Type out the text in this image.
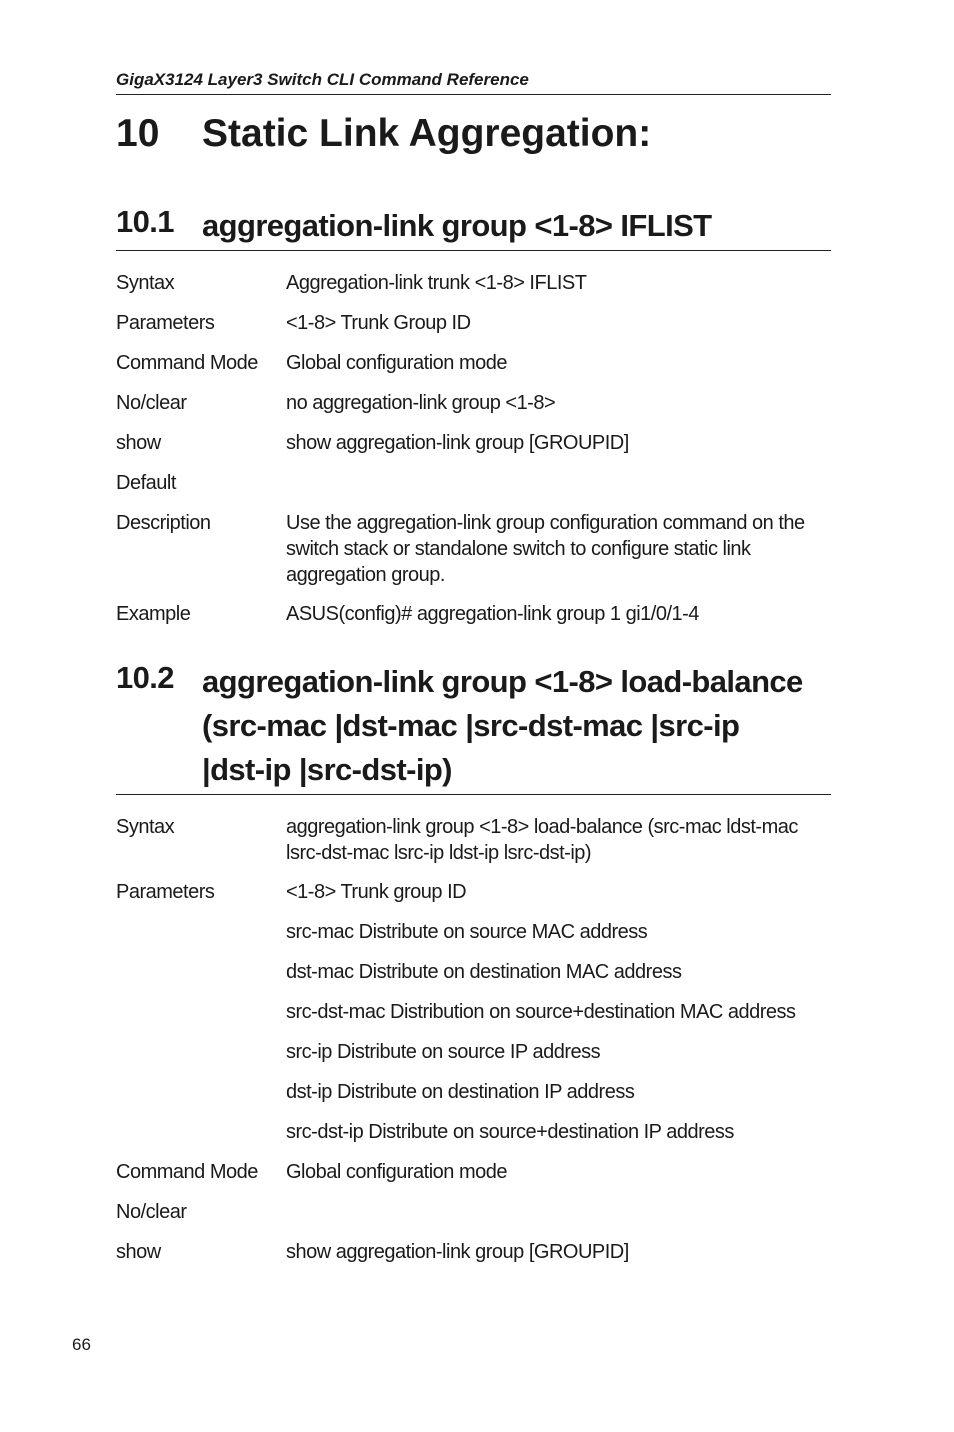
GigaX3124 Layer3 Switch CLI Command Reference
10 Static Link Aggregation:
10.1 aggregation-link group <1-8> IFLIST
Syntax	Aggregation-link trunk <1-8> IFLIST
Parameters	<1-8> Trunk Group ID
Command Mode	Global configuration mode
No/clear	no aggregation-link group <1-8>
show	show aggregation-link group [GROUPID]
Default
Description	Use the aggregation-link group configuration command on the switch stack or standalone switch to configure static link aggregation group.
Example	ASUS(config)# aggregation-link group 1 gi1/0/1-4
10.2 aggregation-link group <1-8> load-balance
(src-mac |dst-mac |src-dst-mac |src-ip
|dst-ip |src-dst-ip)
Syntax	aggregation-link group <1-8> load-balance (src-mac ldst-mac lsrc-dst-mac lsrc-ip ldst-ip lsrc-dst-ip)
Parameters	<1-8> Trunk group ID
src-mac Distribute on source MAC address
dst-mac Distribute on destination MAC address
src-dst-mac Distribution on source+destination MAC address
src-ip Distribute on source IP address
dst-ip Distribute on destination IP address
src-dst-ip Distribute on source+destination IP address
Command Mode	Global configuration mode
No/clear
show	show aggregation-link group [GROUPID]
66
